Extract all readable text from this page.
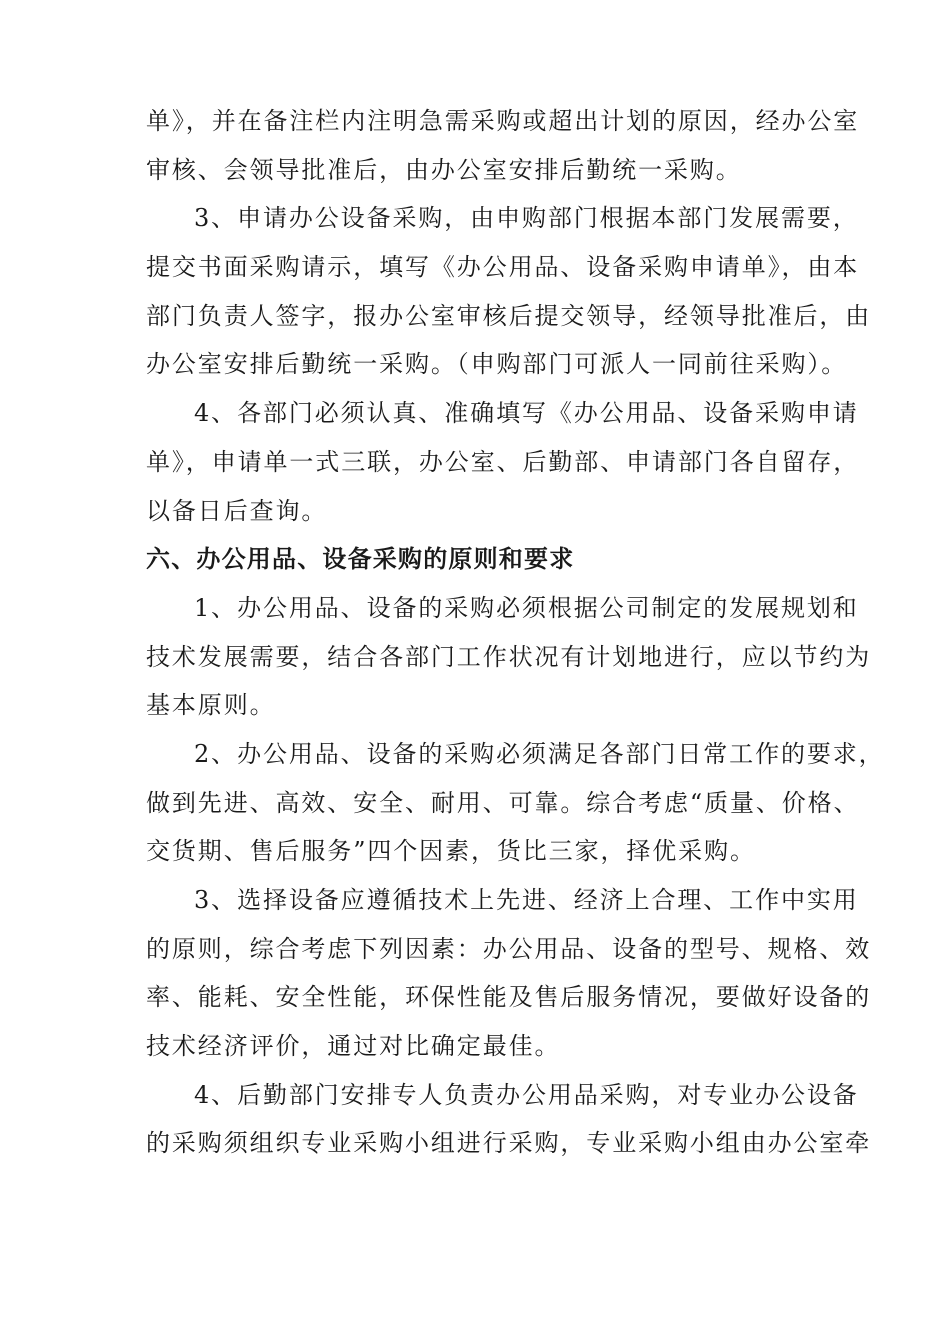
单》，并在备注栏内注明急需采购或超出计划的原因，经办公室
审核、会领导批准后，由办公室安排后勤统一采购。
3、申请办公设备采购，由申购部门根据本部门发展需要，
提交书面采购请示，填写《办公用品、设备采购申请单》，由本
部门负责人签字，报办公室审核后提交领导，经领导批准后，由
办公室安排后勤统一采购。（申购部门可派人一同前往采购）。
4、各部门必须认真、准确填写《办公用品、设备采购申请
单》，申请单一式三联，办公室、后勤部、申请部门各自留存，
以备日后查询。
六、办公用品、设备采购的原则和要求
1、办公用品、设备的采购必须根据公司制定的发展规划和
技术发展需要，结合各部门工作状况有计划地进行，应以节约为
基本原则。
2、办公用品、设备的采购必须满足各部门日常工作的要求，
做到先进、高效、安全、耐用、可靠。综合考虑“质量、价格、
交货期、售后服务”四个因素，货比三家，择优采购。
3、选择设备应遵循技术上先进、经济上合理、工作中实用
的原则，综合考虑下列因素：办公用品、设备的型号、规格、效
率、能耗、安全性能，环保性能及售后服务情况，要做好设备的
技术经济评价，通过对比确定最佳。
4、后勤部门安排专人负责办公用品采购，对专业办公设备
的采购须组织专业采购小组进行采购，专业采购小组由办公室牵
